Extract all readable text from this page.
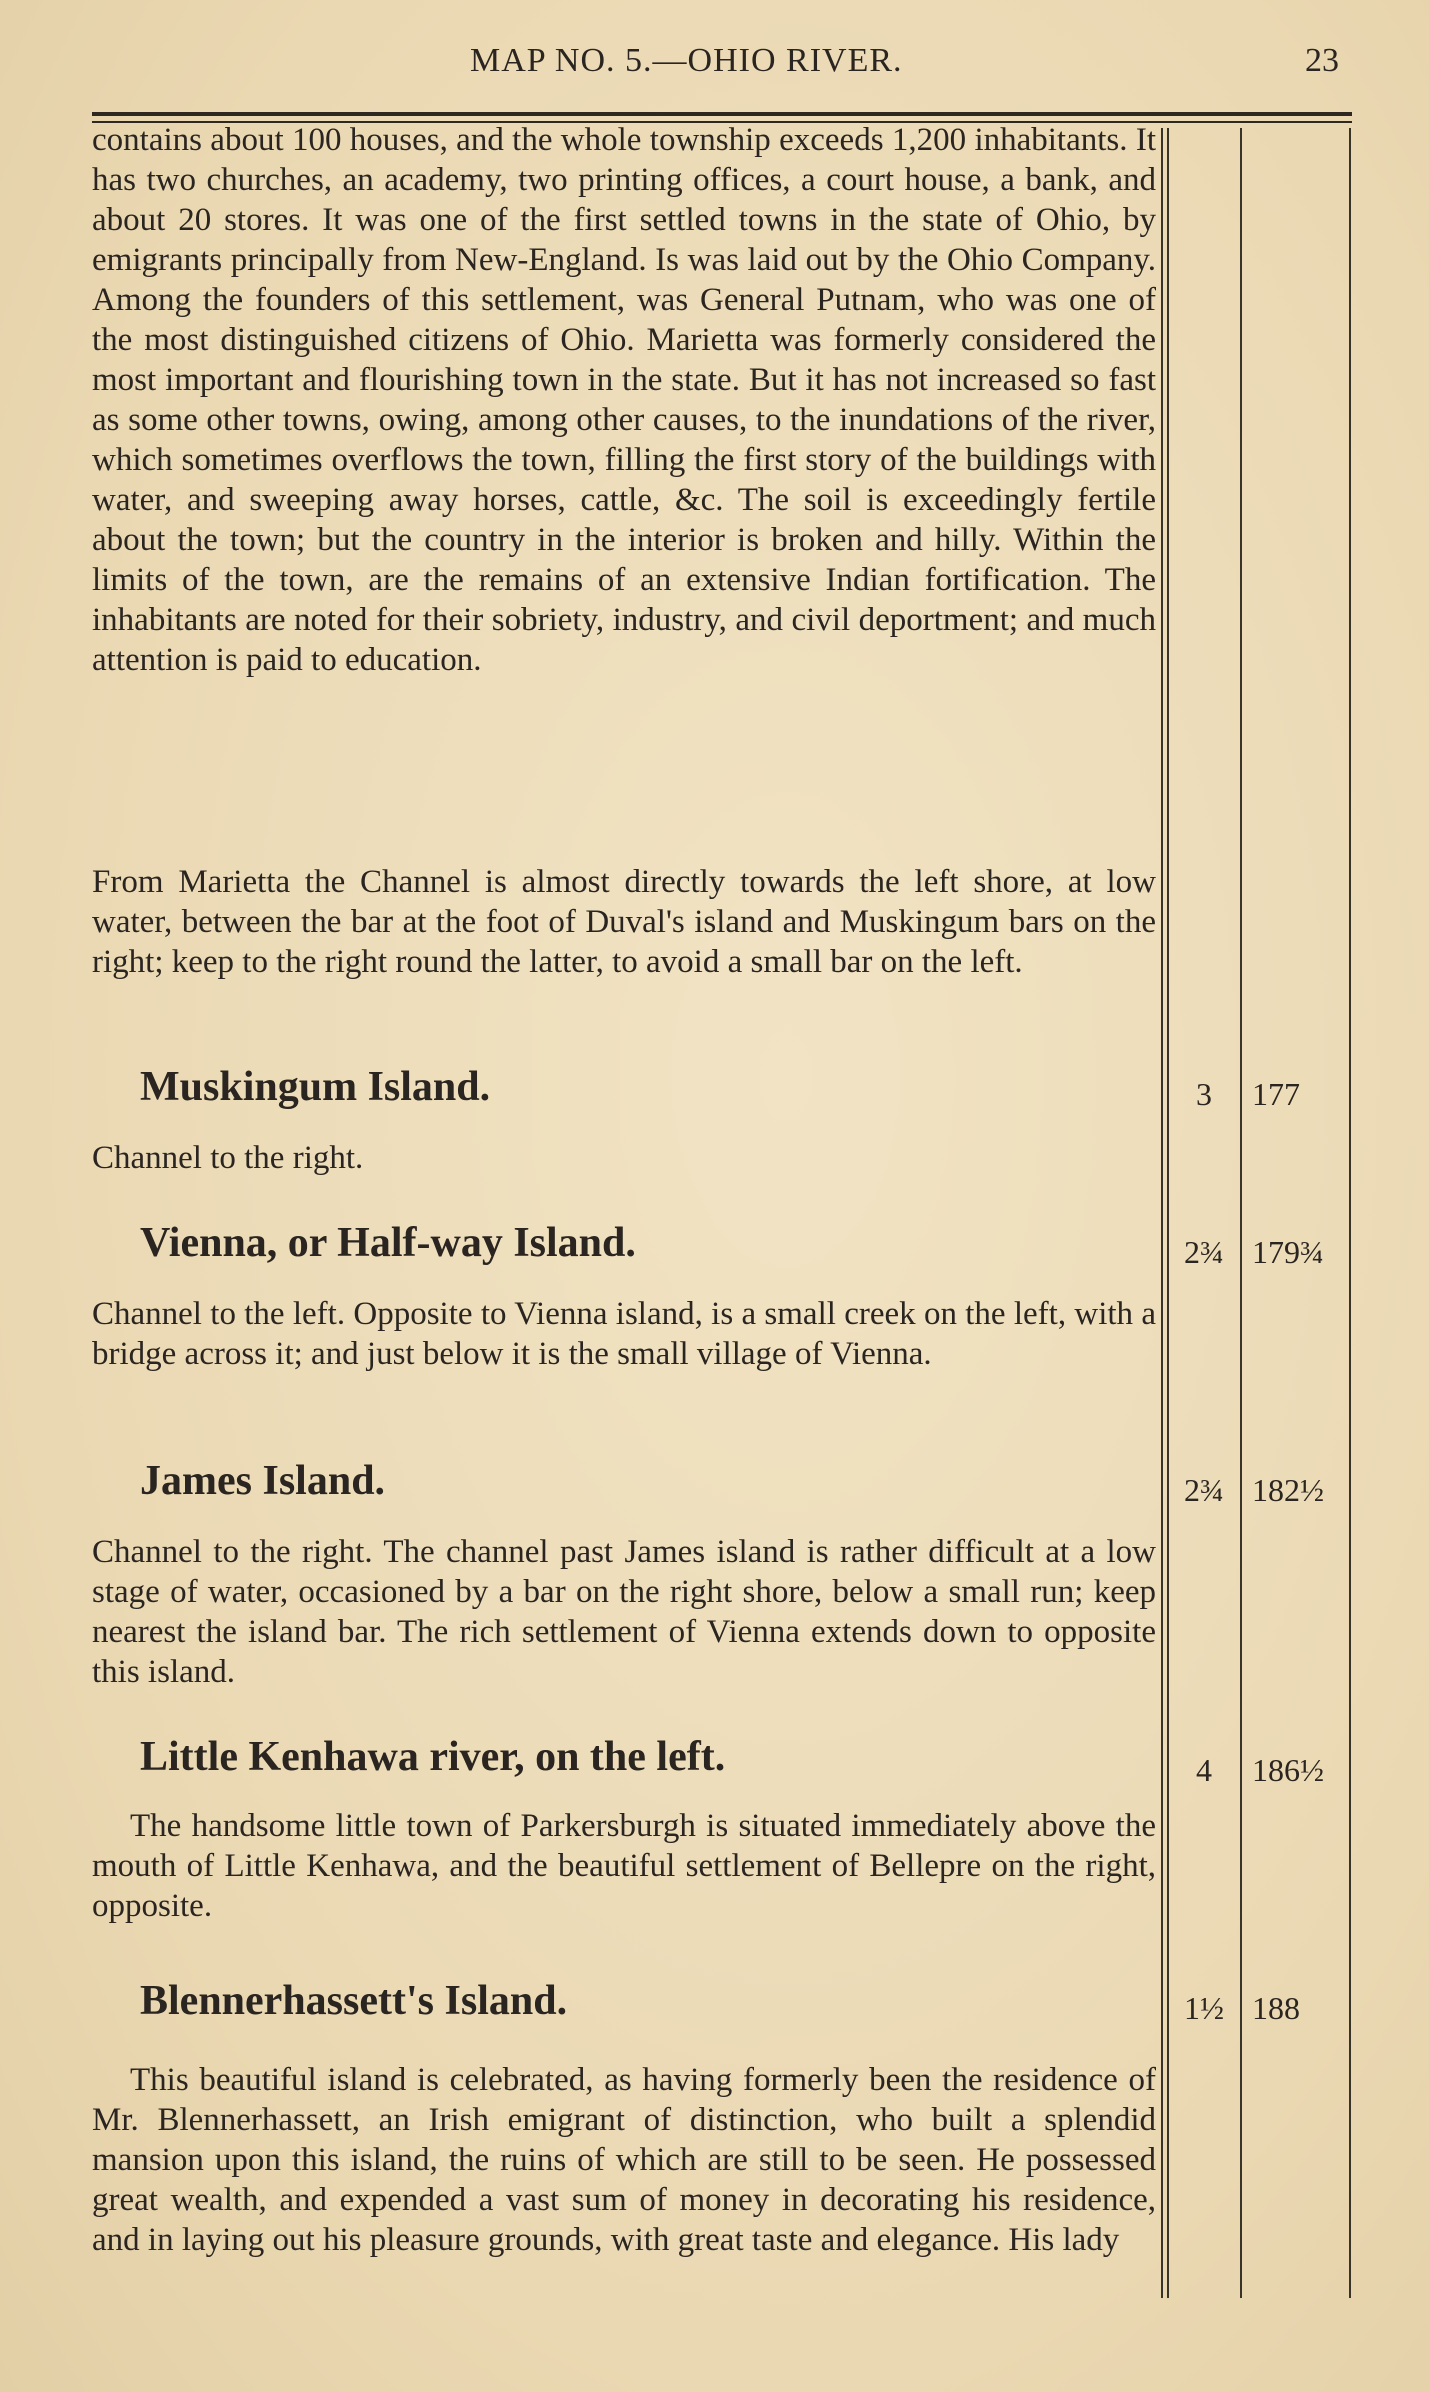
MAP NO. 5.—OHIO RIVER.	23

contains about 100 houses, and the whole township exceeds 1,200 inhabitants. It has two churches, an academy, two printing offices, a court house, a bank, and about 20 stores. It was one of the first settled towns in the state of Ohio, by emigrants principally from New-England. Is was laid out by the Ohio Company. Among the founders of this settlement, was General Putnam, who was one of the most distinguished citizens of Ohio. Marietta was formerly considered the most important and flourishing town in the state. But it has not increased so fast as some other towns, owing, among other causes, to the inundations of the river, which sometimes overflows the town, filling the first story of the buildings with water, and sweeping away horses, cattle, &c. The soil is exceedingly fertile about the town; but the country in the interior is broken and hilly. Within the limits of the town, are the remains of an extensive Indian fortification. The inhabitants are noted for their sobriety, industry, and civil deportment; and much attention is paid to education.

From Marietta the Channel is almost directly towards the left shore, at low water, between the bar at the foot of Duval's island and Muskingum bars on the right; keep to the right round the latter, to avoid a small bar on the left.

Muskingum Island.	3	177

Channel to the right.

Vienna, or Half-way Island.	2¾ 179¾

Channel to the left. Opposite to Vienna island, is a small creek on the left, with a bridge across it; and just below it is the small village of Vienna.

James Island.	2¾ 182½

Channel to the right. The channel past James island is rather difficult at a low stage of water, occasioned by a bar on the right shore, below a small run; keep nearest the island bar. The rich settlement of Vienna extends down to opposite this island.

Little Kenhawa river, on the left.	4	186½

The handsome little town of Parkersburgh is situated immediately above the mouth of Little Kenhawa, and the beautiful settlement of Bellepre on the right, opposite.

Blennerhassett's Island.	1½ 188

This beautiful island is celebrated, as having formerly been the residence of Mr. Blennerhassett, an Irish emigrant of distinction, who built a splendid mansion upon this island, the ruins of which are still to be seen. He possessed great wealth, and expended a vast sum of money in decorating his residence, and in laying out his pleasure grounds, with great taste and elegance. His lady
